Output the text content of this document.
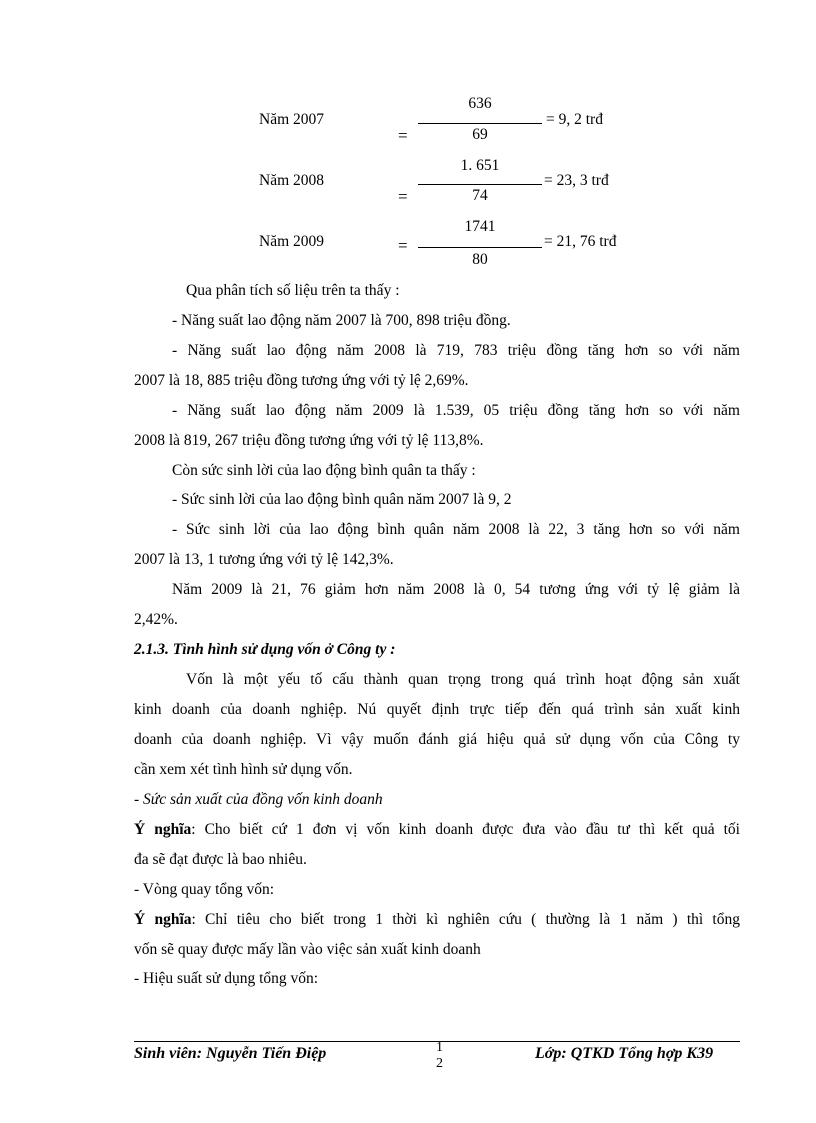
Năm 2007
636
69
=
= 9, 2 trđ
Năm 2008
1. 651
74
=
= 23, 3 trđ
Năm 2009
1741
80
=	= 21, 76 trđ
Qua phân tích số liệu trên ta thấy :
- Năng suất lao động năm 2007 là 700, 898 triệu đồng.
- Năng suất lao động năm 2008 là 719, 783 triệu đồng tăng hơn so với năm
2007 là 18, 885 triệu đồng tương ứng với tỷ lệ 2,69%.
- Năng suất lao động năm 2009 là 1.539, 05 triệu đồng tăng hơn so với năm
2008 là 819, 267 triệu đồng tương ứng với tỷ lệ 113,8%.
Còn sức sinh lời của lao động bình quân ta thấy :
- Sức sinh lời của lao động bình quân năm 2007 là 9, 2
- Sức sinh lời của lao động bình quân năm 2008 là 22, 3 tăng hơn so với năm
2007 là 13, 1 tương ứng với tỷ lệ 142,3%.
Năm 2009 là 21, 76 giảm hơn năm 2008 là 0, 54 tương ứng với tỷ lệ giảm là
2,42%.
2.1.3. Tình hình sử dụng vốn ở Công ty :
Vốn là một yếu tố cấu thành quan trọng trong quá trình hoạt động sản xuất
kinh doanh của doanh nghiệp. Nú quyết định trực tiếp đến quá trình sản xuất kinh
doanh của doanh nghiệp. Vì vậy muốn đánh giá hiệu quả sử dụng vốn của Công ty
cần xem xét tình hình sử dụng vốn.
- Sức sản xuất của đồng vốn kinh doanh
Ý nghĩa: Cho biết cứ 1 đơn vị vốn kinh doanh được đưa vào đầu tư thì kết quả tối
đa sẽ đạt được là bao nhiêu.
- Vòng quay tổng vốn:
Ý nghĩa: Chỉ tiêu cho biết trong 1 thời kì nghiên cứu ( thường là 1 năm ) thì tổng
vốn sẽ quay được mấy lần vào việc sản xuất kinh doanh
- Hiệu suất sử dụng tổng vốn:
Sinh viên: Nguyễn Tiến Điệp	1
2
Lớp: QTKD Tổng hợp K39
